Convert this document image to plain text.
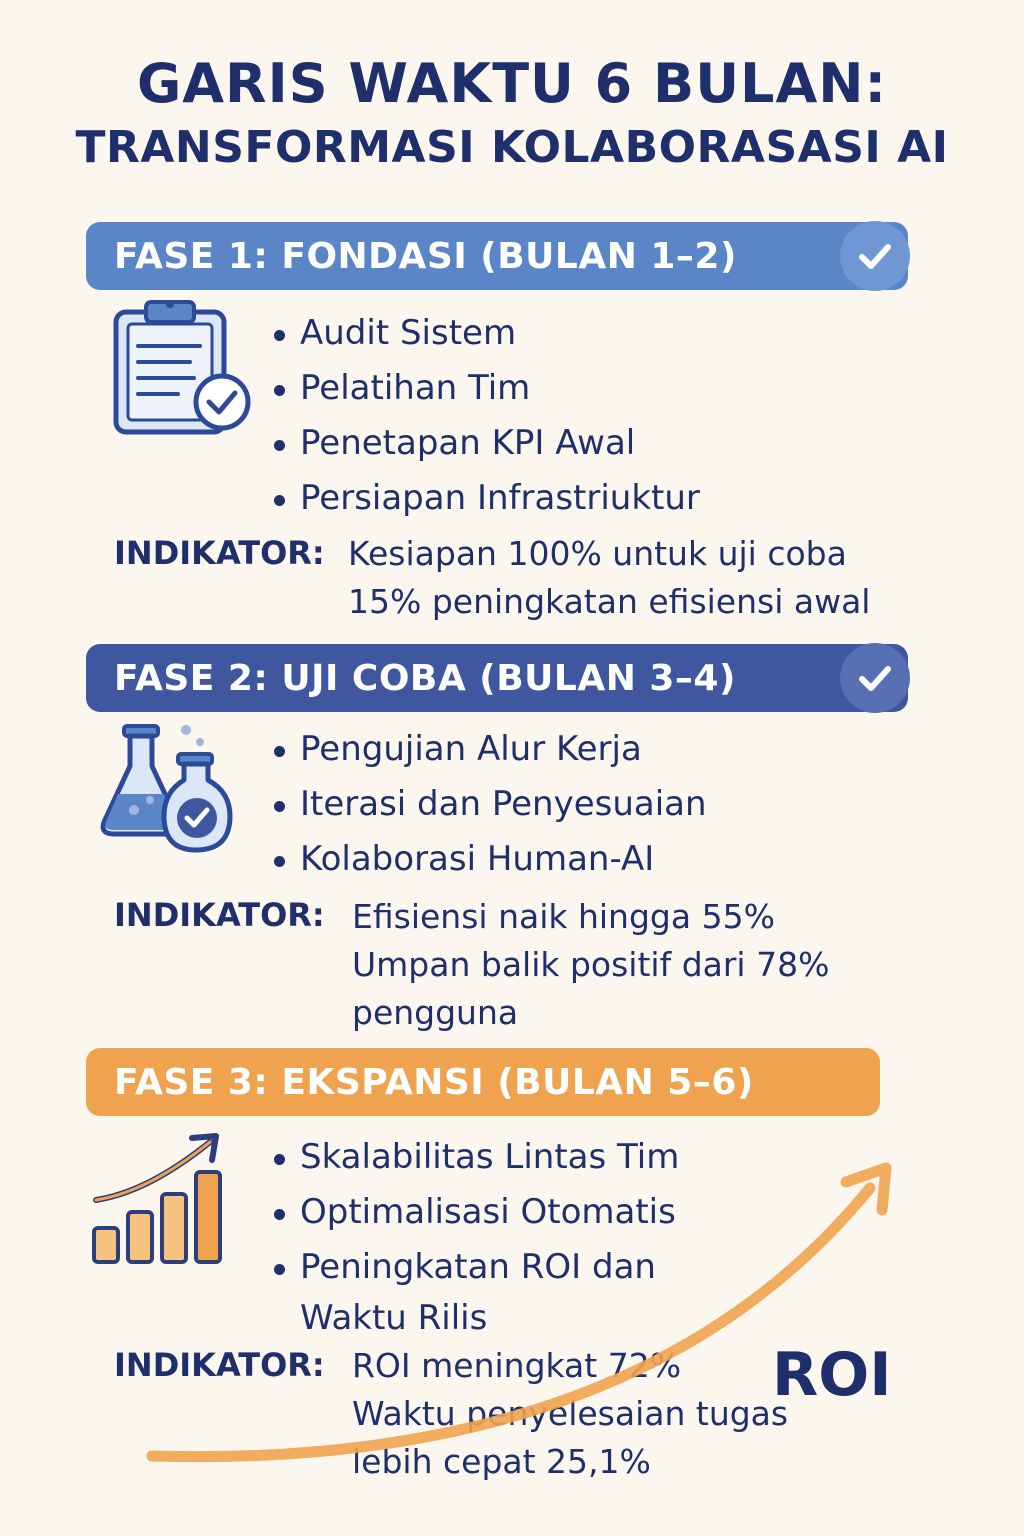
GARIS WAKTU 6 BULAN:
TRANSFORMASI KOLABORASASI AI
FASE 1: FONDASI (BULAN 1–2)
Audit Sistem
Pelatihan Tim
Penetapan KPI Awal
Persiapan Infrastriuktur
INDIKATOR: Kesiapan 100% untuk uji coba
15% peningkatan efisiensi awal
FASE 2: UJI COBA (BULAN 3–4)
Pengujian Alur Kerja
Iterasi dan Penyesuaian
Kolaborasi Human-AI
INDIKATOR: Efisiensi naik hingga 55%
Umpan balik positif dari 78%
pengguna
FASE 3: EKSPANSI (BULAN 5–6)
Skalabilitas Lintas Tim
Optimalisasi Otomatis
Peningkatan ROI dan
Waktu Rilis
INDIKATOR: ROI meningkat 72%
Waktu penyelesaian tugas
lebih cepat 25,1%
ROI
